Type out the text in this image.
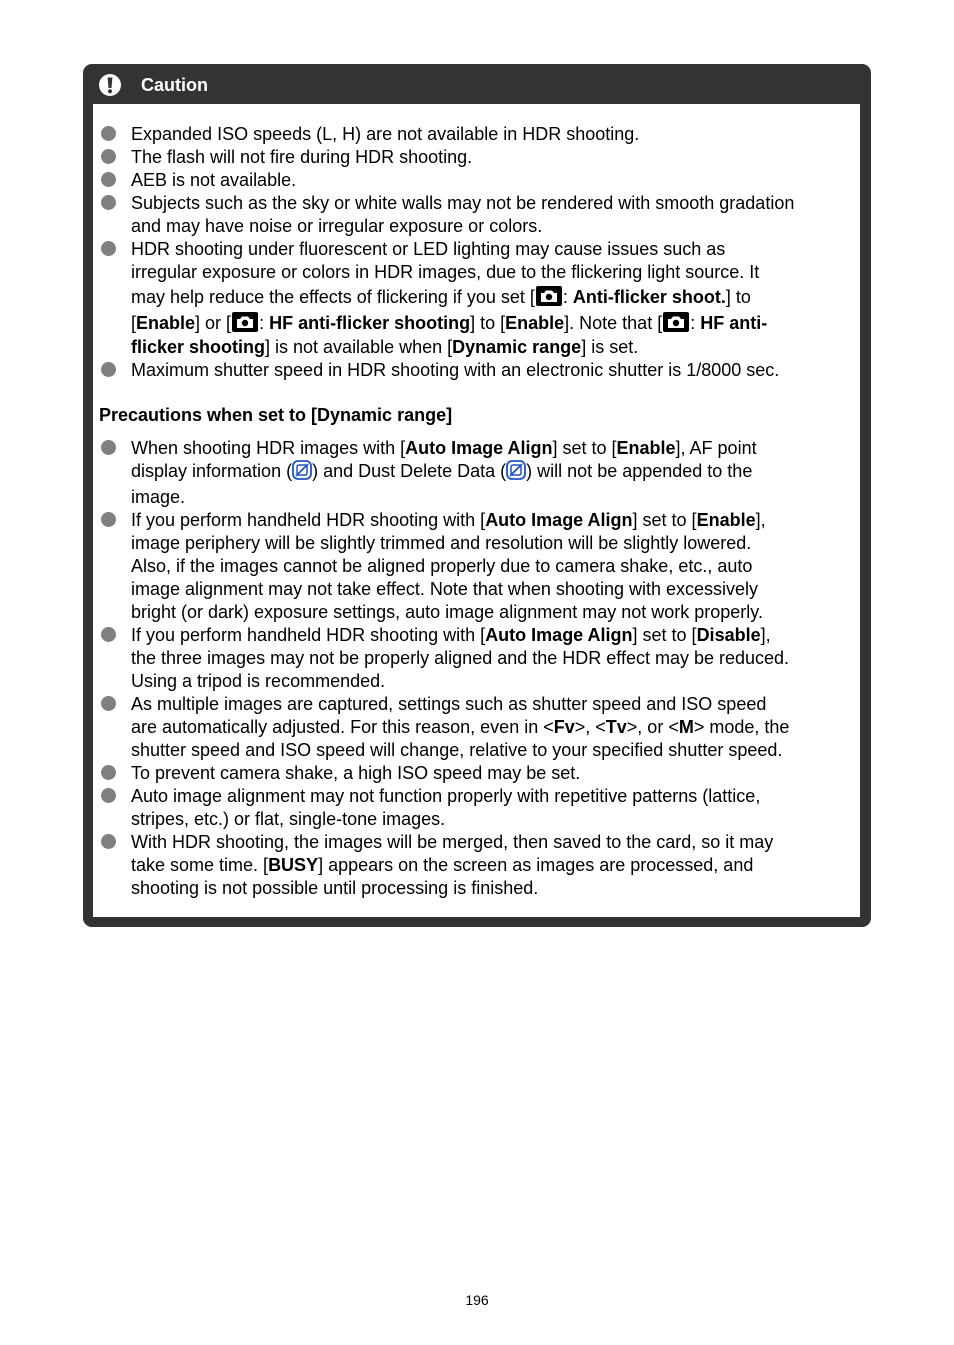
Caution
Expanded ISO speeds (L, H) are not available in HDR shooting.
The flash will not fire during HDR shooting.
AEB is not available.
Subjects such as the sky or white walls may not be rendered with smooth gradation
and may have noise or irregular exposure or colors.
HDR shooting under fluorescent or LED lighting may cause issues such as
irregular exposure or colors in HDR images, due to the flickering light source. It
may help reduce the effects of flickering if you set [ : Anti-flicker shoot.] to
[Enable] or [ : HF anti-flicker shooting] to [Enable]. Note that [ : HF anti-
flicker shooting] is not available when [Dynamic range] is set.
Maximum shutter speed in HDR shooting with an electronic shutter is 1/8000 sec.
Precautions when set to [Dynamic range]
When shooting HDR images with [Auto Image Align] set to [Enable], AF point
display information ( ) and Dust Delete Data ( ) will not be appended to the
image.
If you perform handheld HDR shooting with [Auto Image Align] set to [Enable],
image periphery will be slightly trimmed and resolution will be slightly lowered.
Also, if the images cannot be aligned properly due to camera shake, etc., auto
image alignment may not take effect. Note that when shooting with excessively
bright (or dark) exposure settings, auto image alignment may not work properly.
If you perform handheld HDR shooting with [Auto Image Align] set to [Disable],
the three images may not be properly aligned and the HDR effect may be reduced.
Using a tripod is recommended.
As multiple images are captured, settings such as shutter speed and ISO speed
are automatically adjusted. For this reason, even in <Fv>, <Tv>, or <M> mode, the
shutter speed and ISO speed will change, relative to your specified shutter speed.
To prevent camera shake, a high ISO speed may be set.
Auto image alignment may not function properly with repetitive patterns (lattice,
stripes, etc.) or flat, single-tone images.
With HDR shooting, the images will be merged, then saved to the card, so it may
take some time. [BUSY] appears on the screen as images are processed, and
shooting is not possible until processing is finished.
196
